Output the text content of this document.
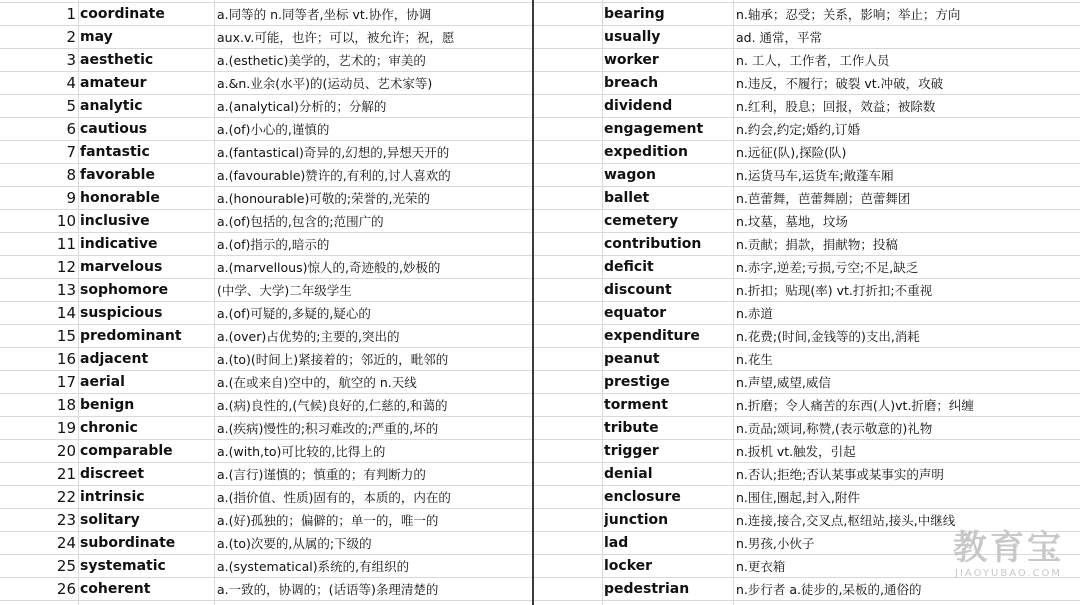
1 coordinate	a.同等的 n.同等者,坐标 vt.协作，协调	bearing	n.轴承；忍受；关系，影响；举止；方向
2 may	aux.v.可能，也许；可以，被允许；祝，愿	usually	ad. 通常，平常
3 aesthetic	a.(esthetic)美学的，艺术的；审美的	worker	n. 工人，工作者，工作人员
4 amateur	a.&n.业余(水平)的(运动员、艺术家等)	breach	n.违反，不履行；破裂 vt.冲破，攻破
5 analytic	a.(analytical)分析的；分解的	dividend	n.红利，股息；回报，效益；被除数
6 cautious	a.(of)小心的,谨慎的	engagement	n.约会,约定;婚约,订婚
7 fantastic	a.(fantastical)奇异的,幻想的,异想天开的	expedition	n.远征(队),探险(队)
8 favorable	a.(favourable)赞许的,有利的,讨人喜欢的	wagon	n.运货马车,运货车;敞蓬车厢
9 honorable	a.(honourable)可敬的;荣誉的,光荣的	ballet	n.芭蕾舞，芭蕾舞剧；芭蕾舞团
10 inclusive	a.(of)包括的,包含的;范围广的	cemetery	n.坟墓，墓地，坟场
11 indicative	a.(of)指示的,暗示的	contribution	n.贡献；捐款，捐献物；投稿
12 marvelous	a.(marvellous)惊人的,奇迹般的,妙极的	deficit	n.赤字,逆差;亏损,亏空;不足,缺乏
13 sophomore	(中学、大学)二年级学生	discount	n.折扣；贴现(率) vt.打折扣;不重视
14 suspicious	a.(of)可疑的,多疑的,疑心的	equator	n.赤道
15 predominant	a.(over)占优势的;主要的,突出的	expenditure	n.花费;(时间,金钱等的)支出,消耗
16 adjacent	a.(to)(时间上)紧接着的；邻近的，毗邻的	peanut	n.花生
17 aerial	a.(在或来自)空中的，航空的 n.天线	prestige	n.声望,威望,威信
18 benign	a.(病)良性的,(气候)良好的,仁慈的,和蔼的	torment	n.折磨；令人痛苦的东西(人)vt.折磨；纠缠
19 chronic	a.(疾病)慢性的;积习难改的;严重的,坏的	tribute	n.贡品;颂词,称赞,(表示敬意的)礼物
20 comparable	a.(with,to)可比较的,比得上的	trigger	n.扳机 vt.触发，引起
21 discreet	a.(言行)谨慎的；慎重的；有判断力的	denial	n.否认;拒绝;否认某事或某事实的声明
22 intrinsic	a.(指价值、性质)固有的，本质的，内在的	enclosure	n.围住,圈起,封入,附件
23 solitary	a.(好)孤独的；偏僻的；单一的，唯一的	junction	n.连接,接合,交叉点,枢纽站,接头,中继线
24 subordinate	a.(to)次要的,从属的;下级的	lad	n.男孩,小伙子
25 systematic	a.(systematical)系统的,有组织的	locker	n.更衣箱
26 coherent	a.一致的，协调的；(话语等)条理清楚的	pedestrian	n.步行者 a.徒步的,呆板的,通俗的
教育宝
JIAOYUBAO.COM
